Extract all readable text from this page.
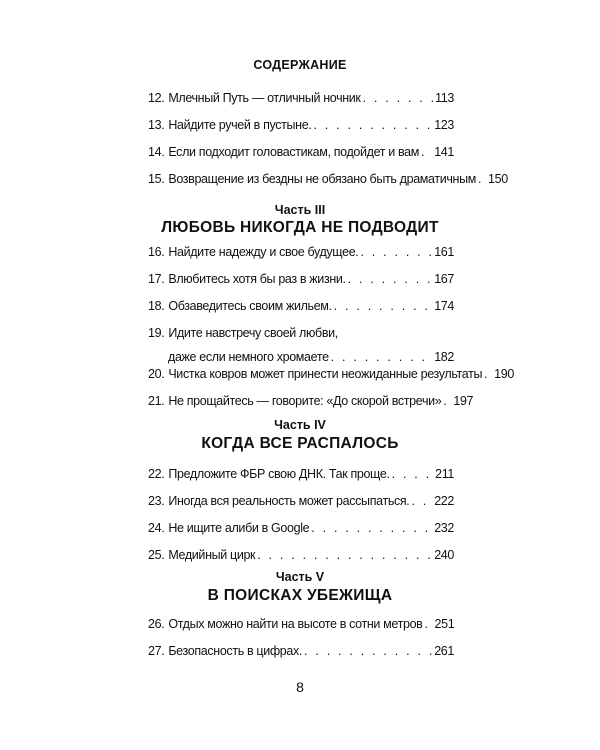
СОДЕРЖАНИЕ
12. Млечный Путь — отличный ночник . . .	113
13. Найдите ручей в пустыне. . . .	123
14. Если подходит головастикам, подойдет и вам . . . 141
15. Возвращение из бездны не обязано быть драматичным . . . 150
Часть III
ЛЮБОВЬ НИКОГДА НЕ ПОДВОДИТ
16. Найдите надежду и свое будущее. . . .	161
17. Влюбитесь хотя бы раз в жизни. . . .	167
18. Обзаведитесь своим жильем. . . .	174
19. Идите навстречу своей любви,
даже если немного хромаете . . .	182
20. Чистка ковров может принести неожиданные результаты . . . 190
21. Не прощайтесь — говорите: «До скорой встречи» . . . 197
Часть IV
КОГДА ВСЕ РАСПАЛОСЬ
22. Предложите ФБР свою ДНК. Так проще. . . .	211
23. Иногда вся реальность может рассыпаться. . . . 222
24. Не ищите алиби в Google . . .	232
25. Медийный цирк . . .	240
Часть V
В ПОИСКАХ УБЕЖИЩА
26. Отдых можно найти на высоте в сотни метров . . . 251
27. Безопасность в цифрах. . . .	261
8
